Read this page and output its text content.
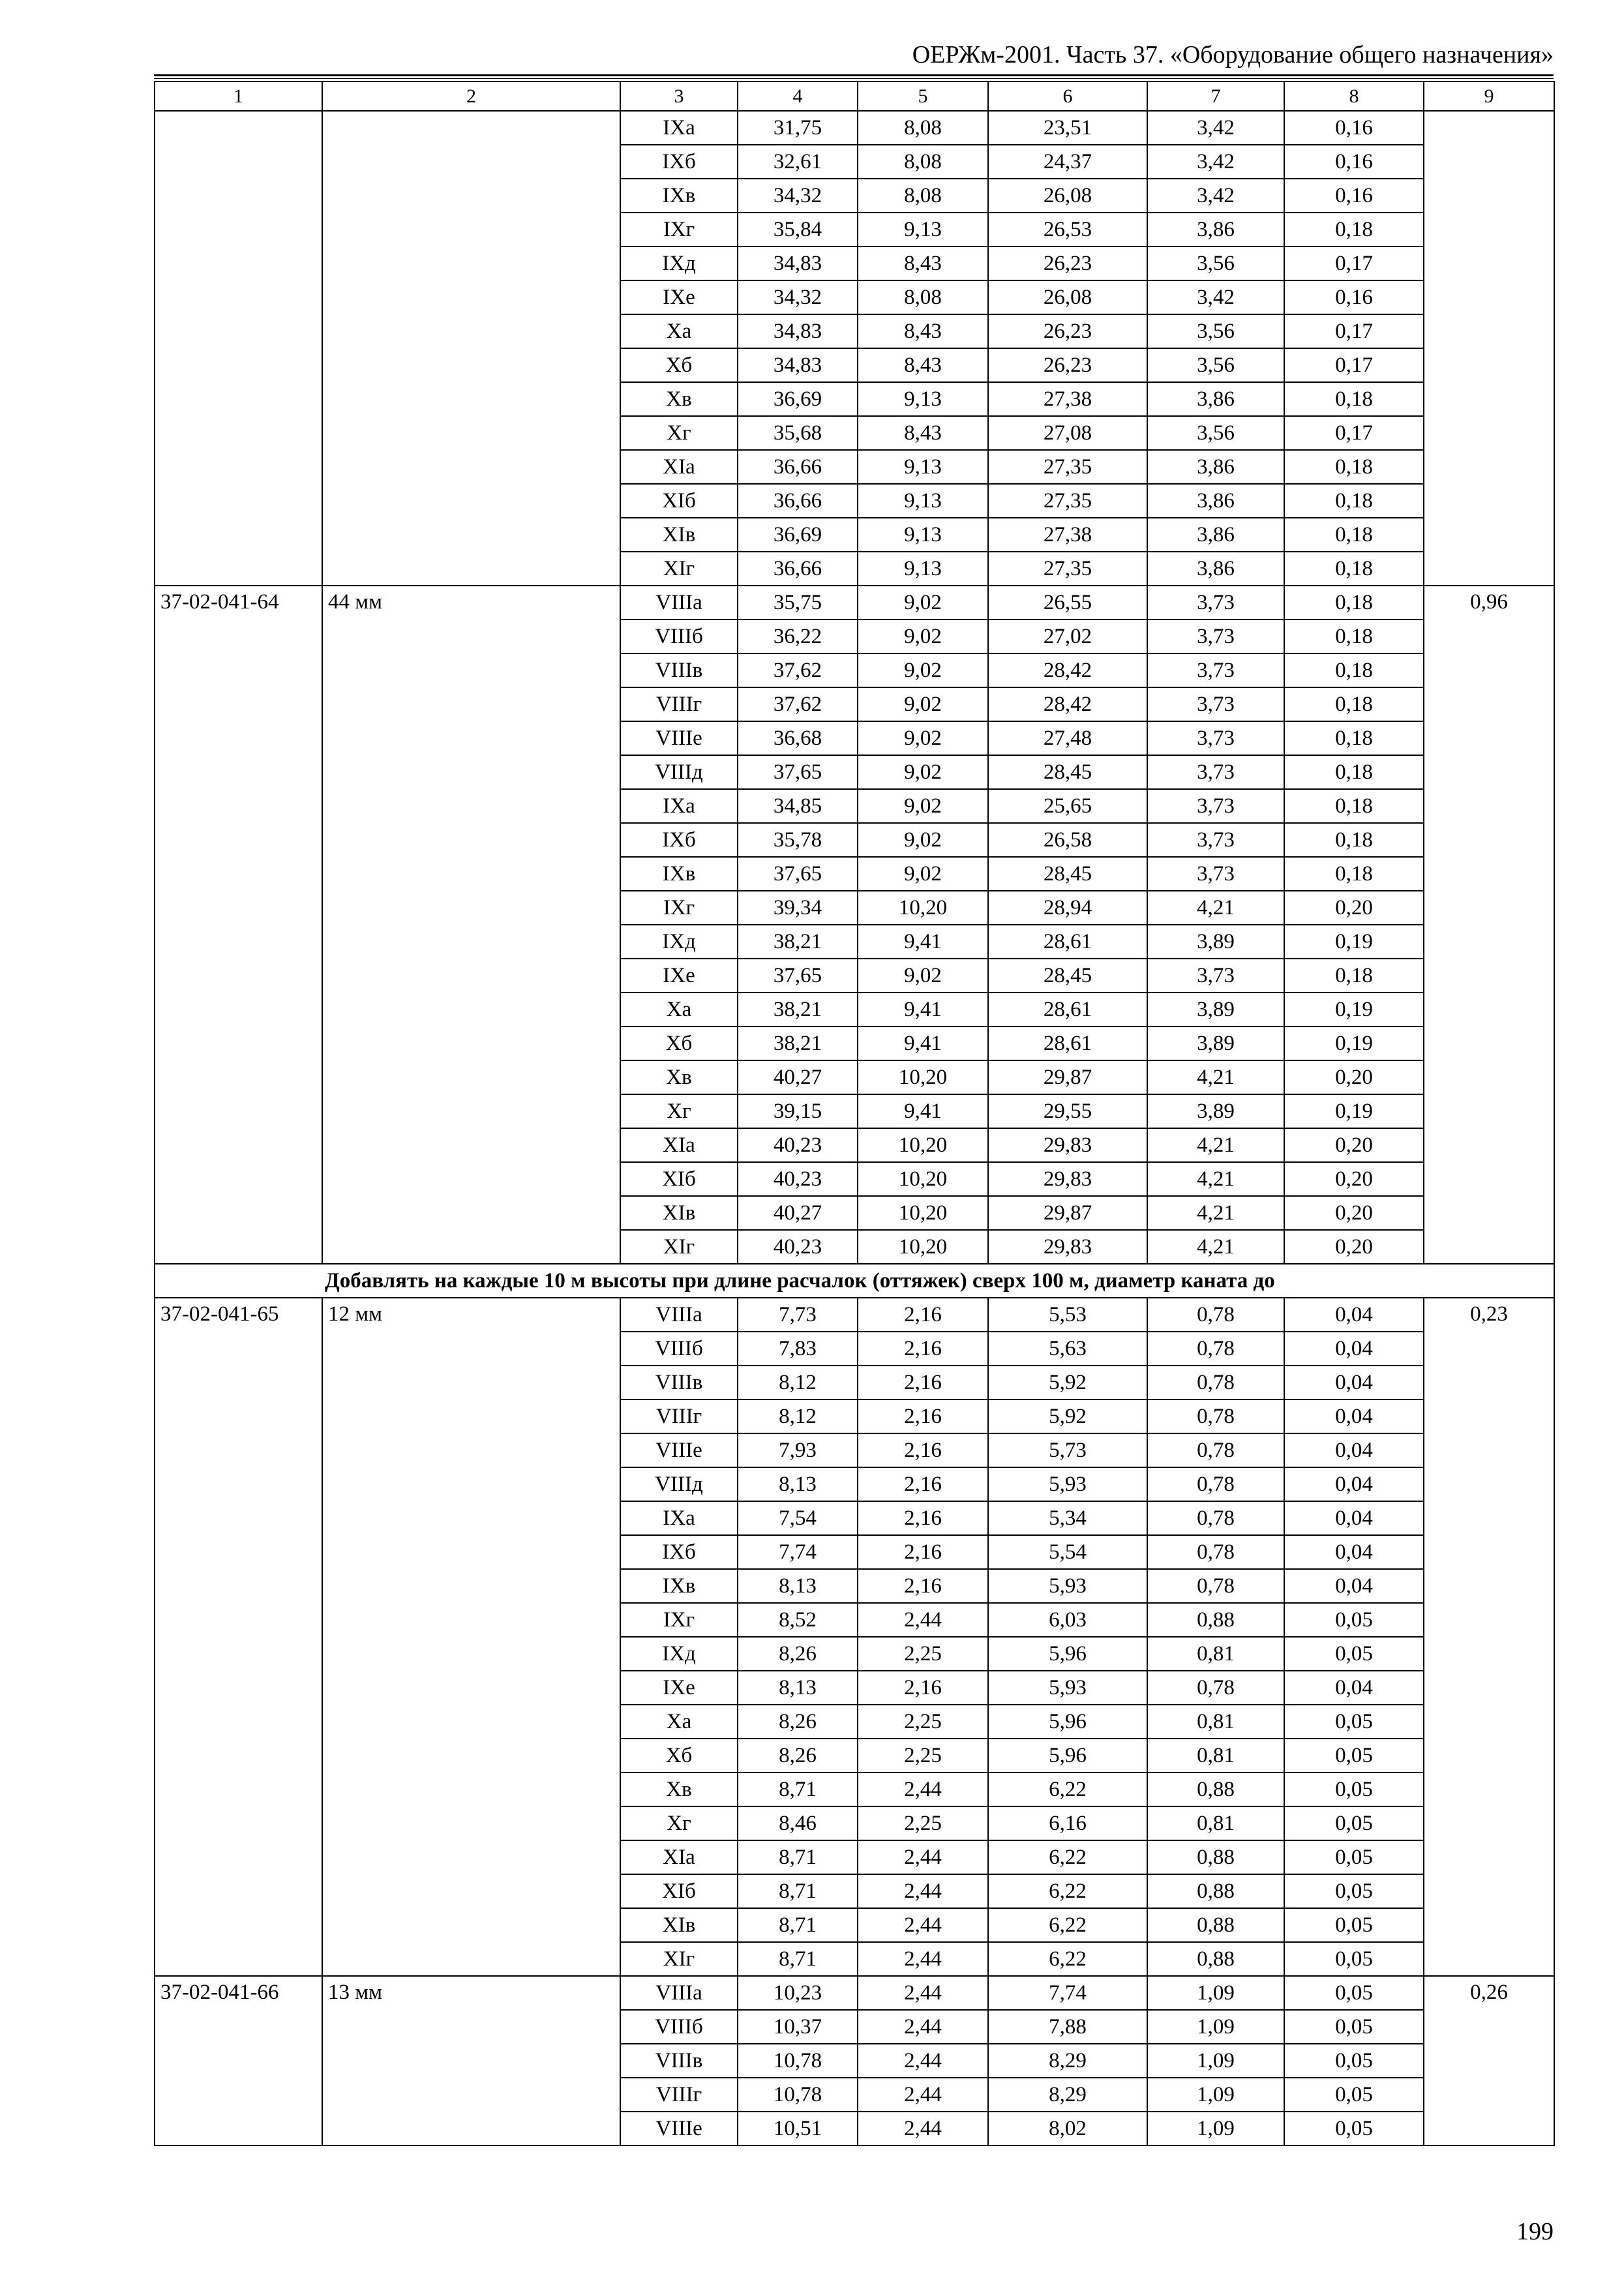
ОЕРЖм-2001. Часть 37. «Оборудование общего назначения»
1	2	3	4	5	6	7	8	9
		IXа	31,75	8,08	23,51	3,42	0,16	
		IXб	32,61	8,08	24,37	3,42	0,16	
		IXв	34,32	8,08	26,08	3,42	0,16	
		IXг	35,84	9,13	26,53	3,86	0,18	
		IXд	34,83	8,43	26,23	3,56	0,17	
		IXе	34,32	8,08	26,08	3,42	0,16	
		Xа	34,83	8,43	26,23	3,56	0,17	
		Xб	34,83	8,43	26,23	3,56	0,17	
		Xв	36,69	9,13	27,38	3,86	0,18	
		Xг	35,68	8,43	27,08	3,56	0,17	
		XIа	36,66	9,13	27,35	3,86	0,18	
		XIб	36,66	9,13	27,35	3,86	0,18	
		XIв	36,69	9,13	27,38	3,86	0,18	
		XIг	36,66	9,13	27,35	3,86	0,18	
37-02-041-64	44 мм	VIIIа	35,75	9,02	26,55	3,73	0,18	0,96
		VIIIб	36,22	9,02	27,02	3,73	0,18	
		VIIIв	37,62	9,02	28,42	3,73	0,18	
		VIIIг	37,62	9,02	28,42	3,73	0,18	
		VIIIе	36,68	9,02	27,48	3,73	0,18	
		VIIIд	37,65	9,02	28,45	3,73	0,18	
		IXа	34,85	9,02	25,65	3,73	0,18	
		IXб	35,78	9,02	26,58	3,73	0,18	
		IXв	37,65	9,02	28,45	3,73	0,18	
		IXг	39,34	10,20	28,94	4,21	0,20	
		IXд	38,21	9,41	28,61	3,89	0,19	
		IXе	37,65	9,02	28,45	3,73	0,18	
		Xа	38,21	9,41	28,61	3,89	0,19	
		Xб	38,21	9,41	28,61	3,89	0,19	
		Xв	40,27	10,20	29,87	4,21	0,20	
		Xг	39,15	9,41	29,55	3,89	0,19	
		XIа	40,23	10,20	29,83	4,21	0,20	
		XIб	40,23	10,20	29,83	4,21	0,20	
		XIв	40,27	10,20	29,87	4,21	0,20	
		XIг	40,23	10,20	29,83	4,21	0,20	
Добавлять на каждые 10 м высоты при длине расчалок (оттяжек) сверх 100 м, диаметр каната до								
37-02-041-65	12 мм	VIIIа	7,73	2,16	5,53	0,78	0,04	0,23
		VIIIб	7,83	2,16	5,63	0,78	0,04	
		VIIIв	8,12	2,16	5,92	0,78	0,04	
		VIIIг	8,12	2,16	5,92	0,78	0,04	
		VIIIе	7,93	2,16	5,73	0,78	0,04	
		VIIIд	8,13	2,16	5,93	0,78	0,04	
		IXа	7,54	2,16	5,34	0,78	0,04	
		IXб	7,74	2,16	5,54	0,78	0,04	
		IXв	8,13	2,16	5,93	0,78	0,04	
		IXг	8,52	2,44	6,03	0,88	0,05	
		IXд	8,26	2,25	5,96	0,81	0,05	
		IXе	8,13	2,16	5,93	0,78	0,04	
		Xа	8,26	2,25	5,96	0,81	0,05	
		Xб	8,26	2,25	5,96	0,81	0,05	
		Xв	8,71	2,44	6,22	0,88	0,05	
		Xг	8,46	2,25	6,16	0,81	0,05	
		XIа	8,71	2,44	6,22	0,88	0,05	
		XIб	8,71	2,44	6,22	0,88	0,05	
		XIв	8,71	2,44	6,22	0,88	0,05	
		XIг	8,71	2,44	6,22	0,88	0,05	
37-02-041-66	13 мм	VIIIа	10,23	2,44	7,74	1,09	0,05	0,26
		VIIIб	10,37	2,44	7,88	1,09	0,05	
		VIIIв	10,78	2,44	8,29	1,09	0,05	
		VIIIг	10,78	2,44	8,29	1,09	0,05	
		VIIIе	10,51	2,44	8,02	1,09	0,05	
199
